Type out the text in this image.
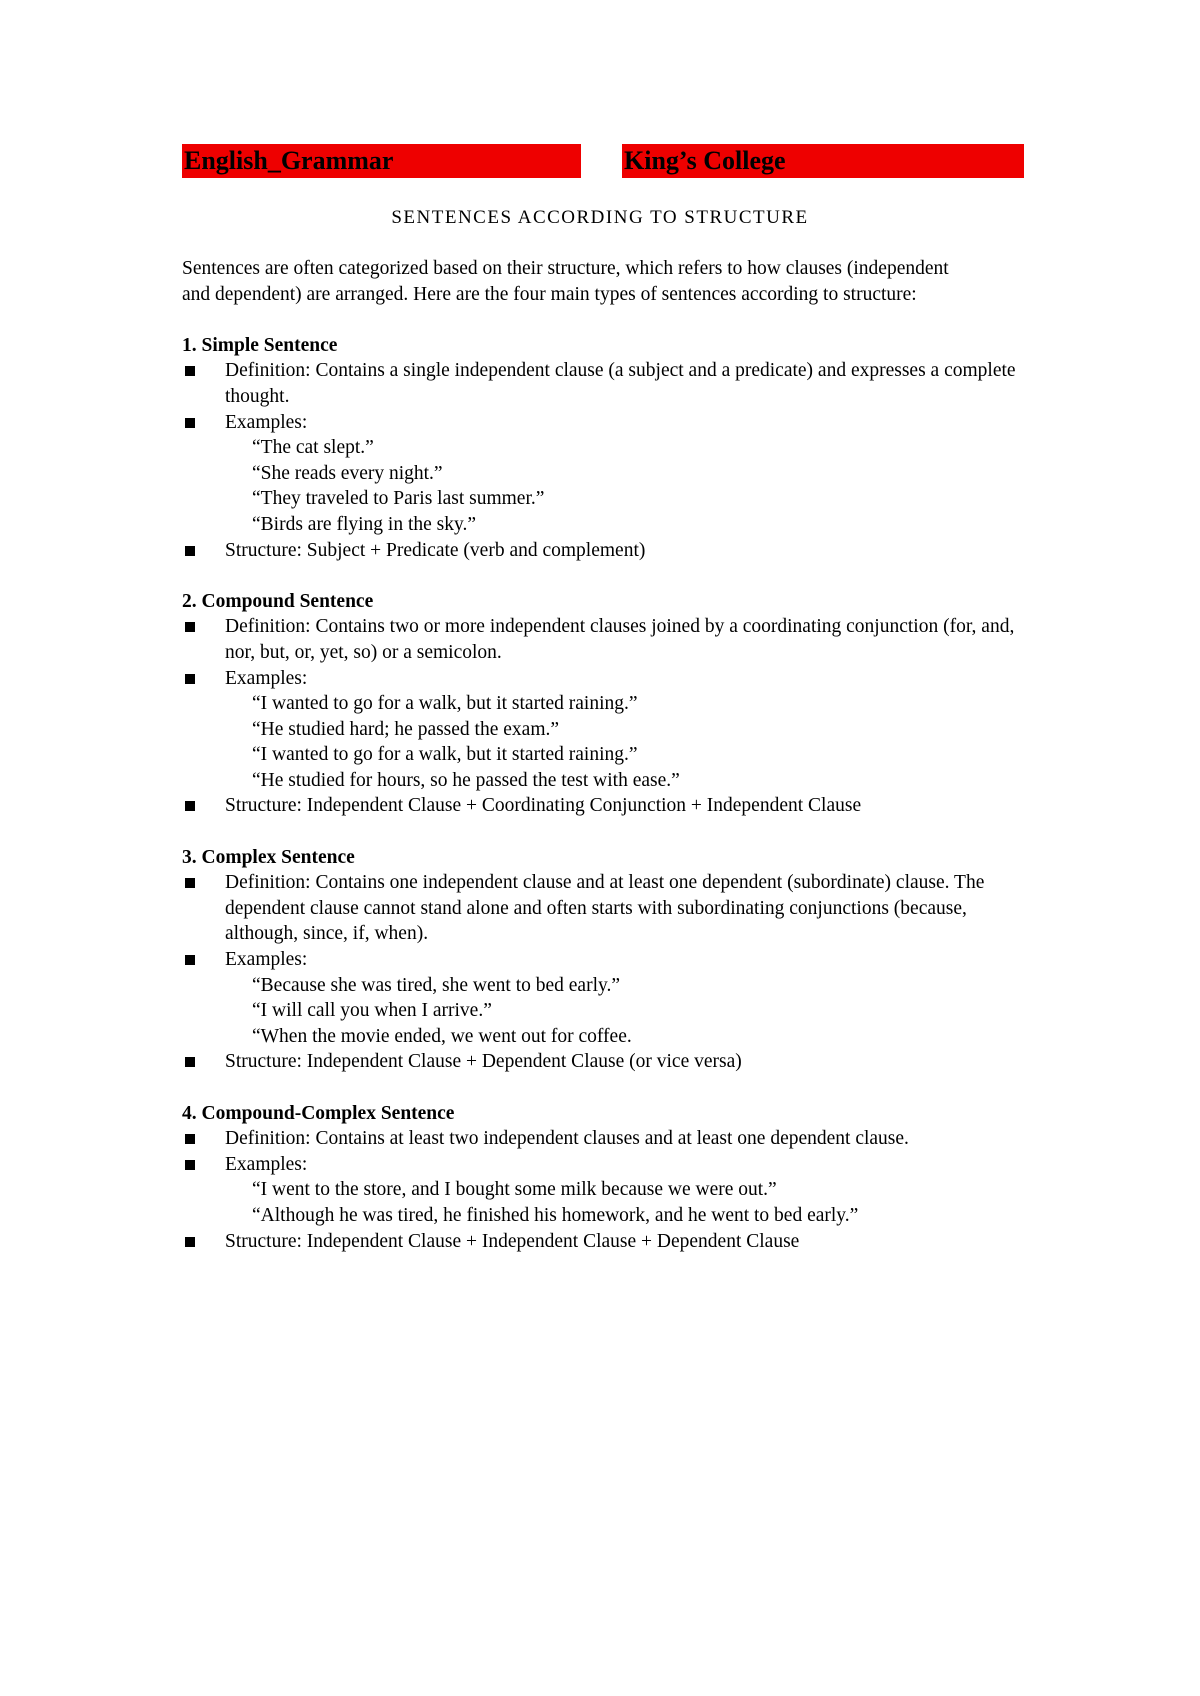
English_Grammar	King’s College
SENTENCES ACCORDING TO STRUCTURE

Sentences are often categorized based on their structure, which refers to how clauses (independent and dependent) are arranged. Here are the four main types of sentences according to structure:

1. Simple Sentence

Definition: Contains a single independent clause (a subject and a predicate) and expresses a complete thought.
Examples:
“The cat slept.”
“She reads every night.”
“They traveled to Paris last summer.”
“Birds are flying in the sky.”
Structure: Subject + Predicate (verb and complement)

2. Compound Sentence

Definition: Contains two or more independent clauses joined by a coordinating conjunction (for, and, nor, but, or, yet, so) or a semicolon.
Examples:
“I wanted to go for a walk, but it started raining.”
“He studied hard; he passed the exam.”
“I wanted to go for a walk, but it started raining.”
“He studied for hours, so he passed the test with ease.”
Structure: Independent Clause + Coordinating Conjunction + Independent Clause

3. Complex Sentence

Definition: Contains one independent clause and at least one dependent (subordinate) clause. The dependent clause cannot stand alone and often starts with subordinating conjunctions (because, although, since, if, when).
Examples:
“Because she was tired, she went to bed early.”
“I will call you when I arrive.”
“When the movie ended, we went out for coffee.
Structure: Independent Clause + Dependent Clause (or vice versa)

4. Compound-Complex Sentence

Definition: Contains at least two independent clauses and at least one dependent clause.
Examples:
“I went to the store, and I bought some milk because we were out.”
“Although he was tired, he finished his homework, and he went to bed early.”
Structure: Independent Clause + Independent Clause + Dependent Clause
